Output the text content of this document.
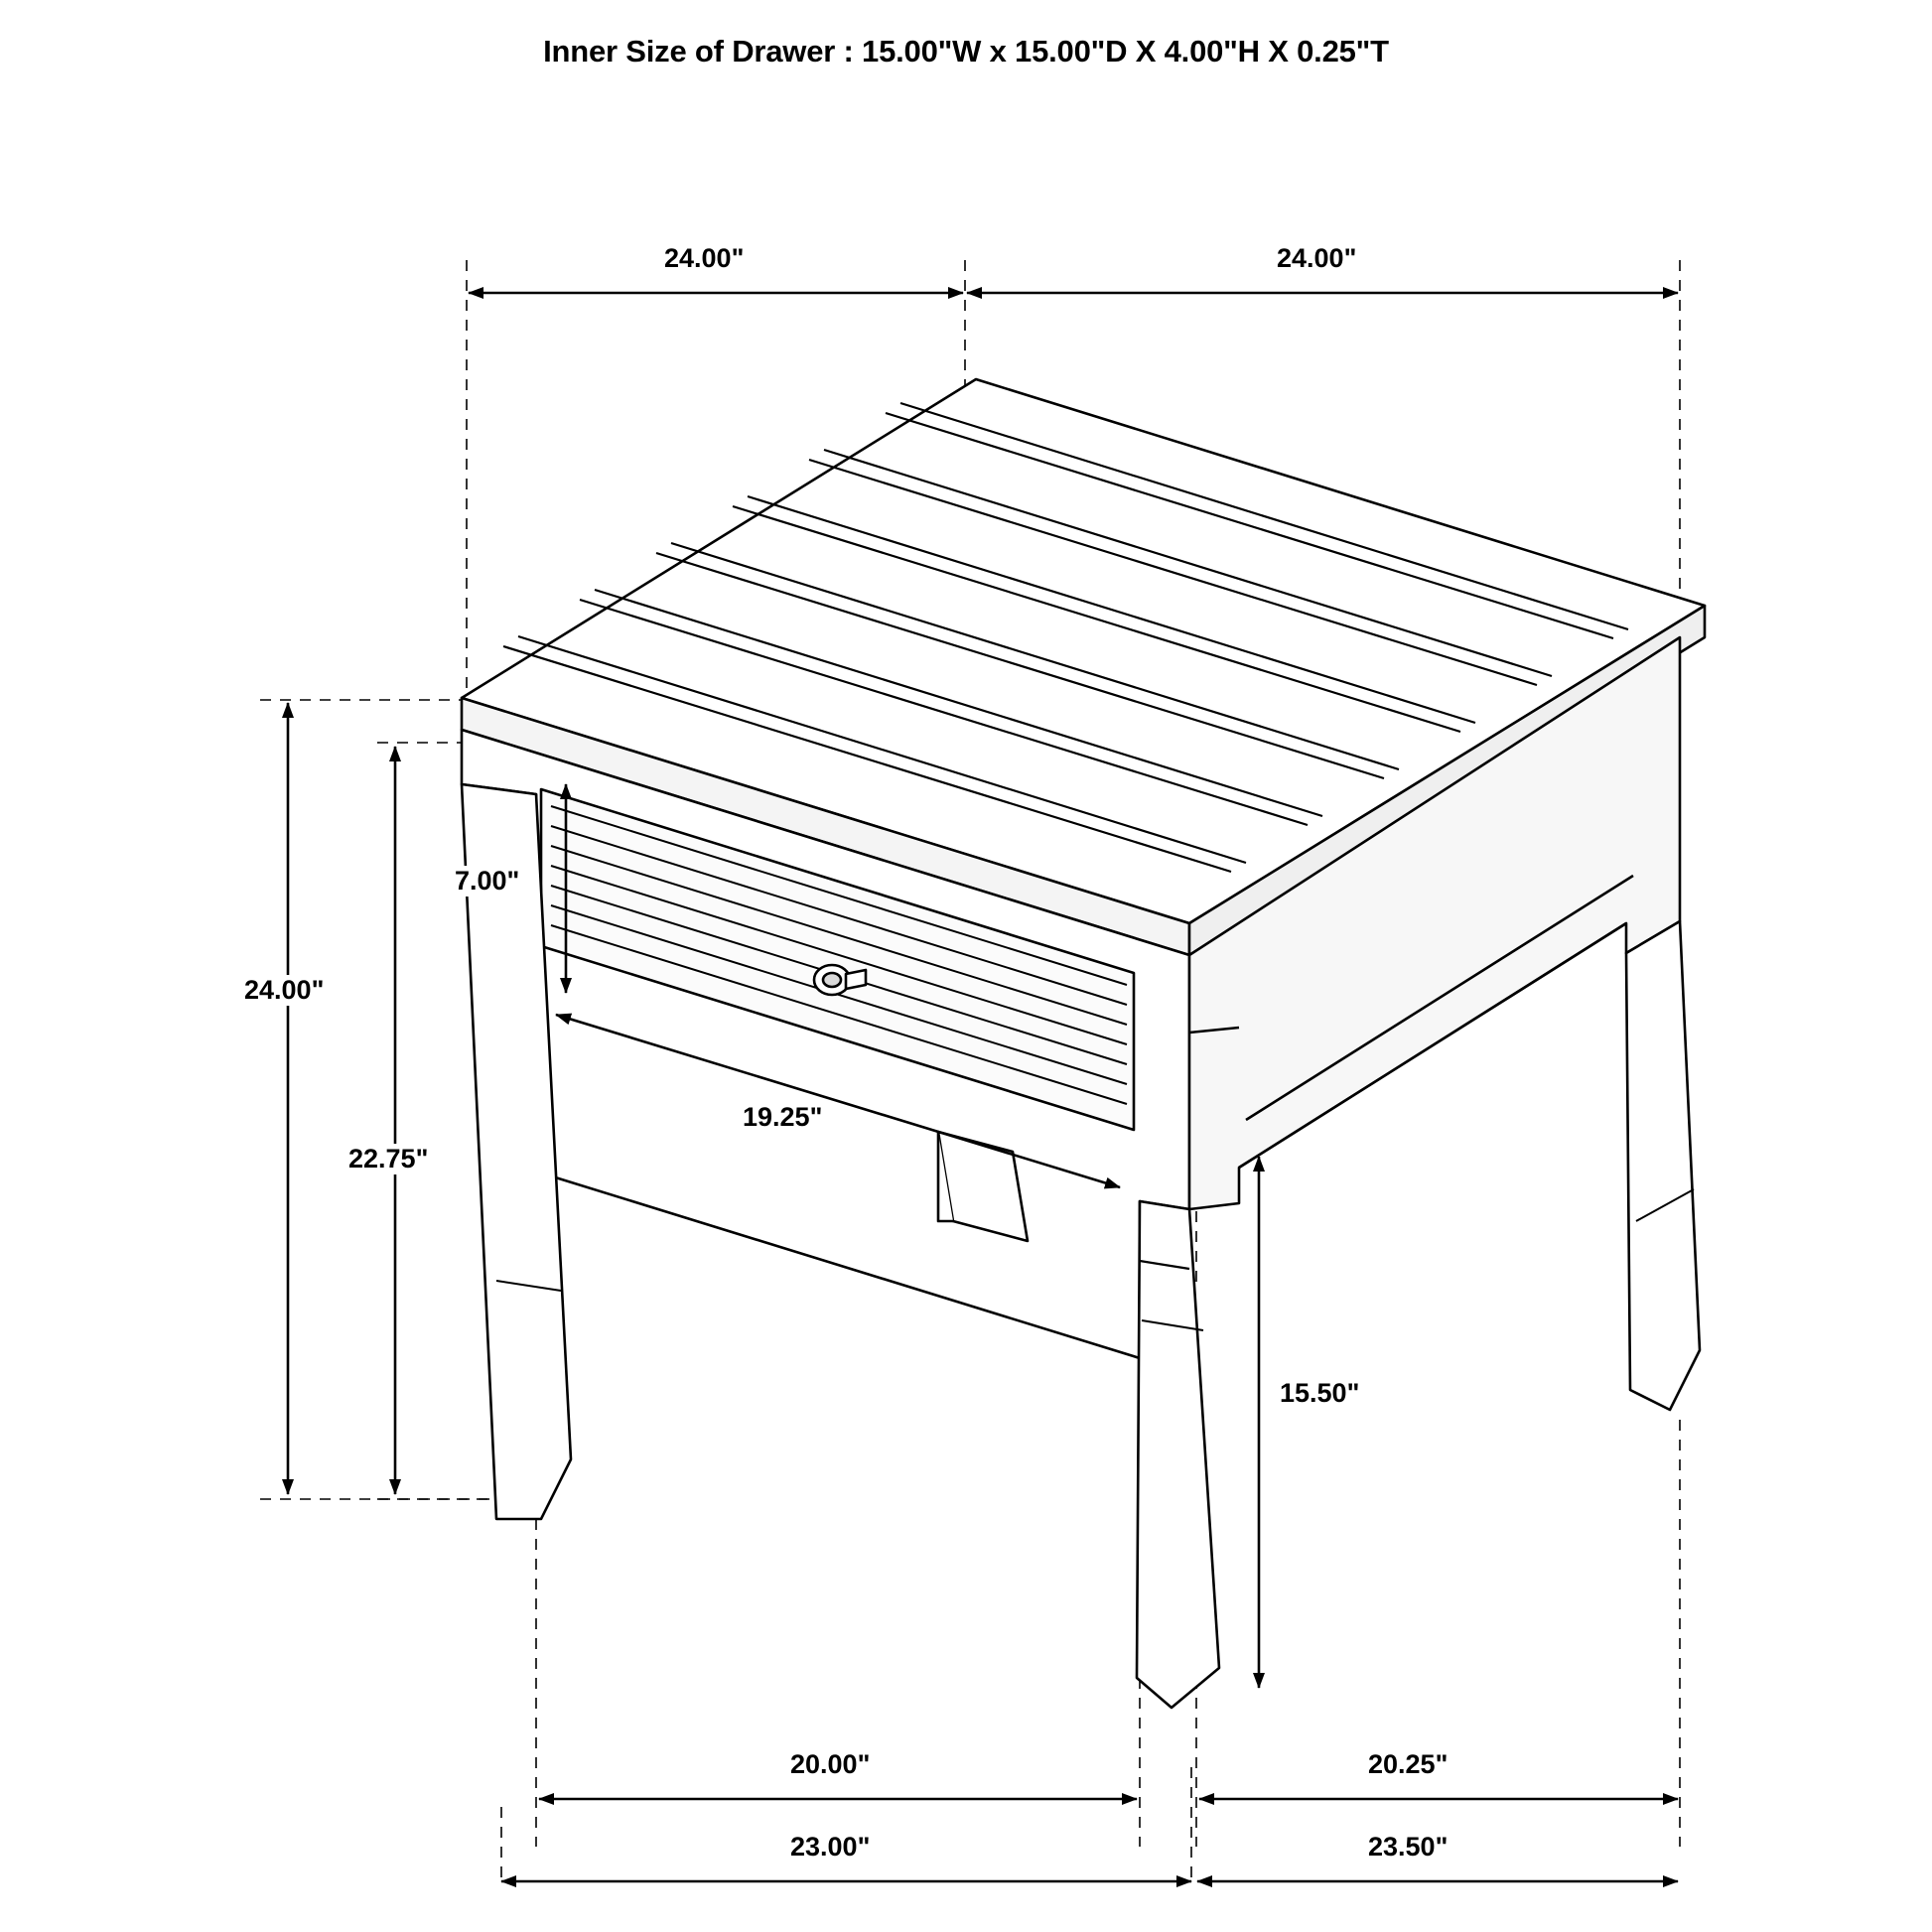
Inner Size of Drawer : 15.00"W x 15.00"D X 4.00"H X 0.25"T
24.00"	24.00"
7.00"
24.00"
22.75"
19.25"
15.50"
20.00"	20.25"
23.00"	23.50"
